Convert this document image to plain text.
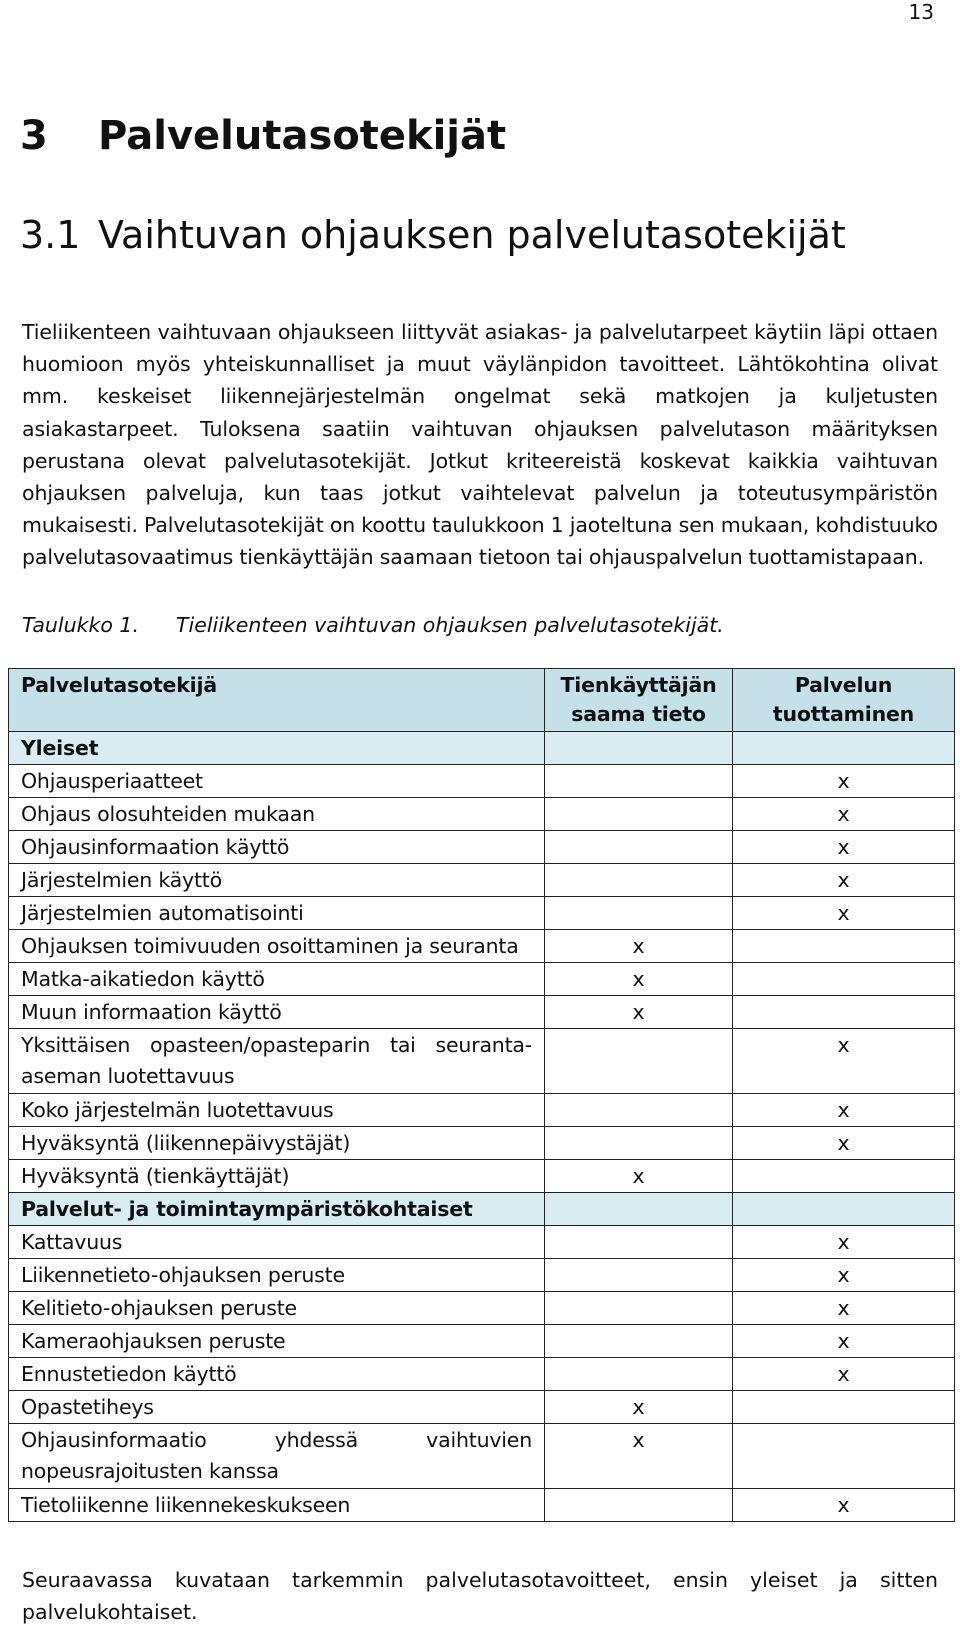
13
3 Palvelutasotekijät
3.1 Vaihtuvan ohjauksen palvelutasotekijät

Tieliikenteen vaihtuvaan ohjaukseen liittyvät asiakas- ja palvelutarpeet käytiin läpi ottaen huomioon myös yhteiskunnalliset ja muut väylänpidon tavoitteet. Lähtökohtina olivat mm. keskeiset liikennejärjestelmän ongelmat sekä matkojen ja kuljetusten asiakastarpeet. Tuloksena saatiin vaihtuvan ohjauksen palvelutason määrityksen perustana olevat palvelutasotekijät. Jotkut kriteereistä koskevat kaikkia vaihtuvan ohjauksen palveluja, kun taas jotkut vaihtelevat palvelun ja toteutusympäristön mukaisesti. Palvelutasotekijät on koottu taulukkoon 1 jaoteltuna sen mukaan, kohdistuuko palvelutasovaatimus tienkäyttäjän saamaan tietoon tai ohjauspalvelun tuottamistapaan.

Taulukko 1. Tieliikenteen vaihtuvan ohjauksen palvelutasotekijät.
Palvelutasotekijä	Tienkäyttäjän saama tieto	Palvelun tuottaminen
Yleiset		
Ohjausperiaatteet		x
Ohjaus olosuhteiden mukaan		x
Ohjausinformaation käyttö		x
Järjestelmien käyttö		x
Järjestelmien automatisointi		x
Ohjauksen toimivuuden osoittaminen ja seuranta	x	
Matka-aikatiedon käyttö	x	
Muun informaation käyttö	x	
Yksittäisen opasteen/opasteparin tai seuranta-aseman luotettavuus		x
Koko järjestelmän luotettavuus		x
Hyväksyntä (liikennepäivystäjät)		x
Hyväksyntä (tienkäyttäjät)	x	
Palvelut- ja toimintaympäristökohtaiset		
Kattavuus		x
Liikennetieto-ohjauksen peruste		x
Kelitieto-ohjauksen peruste		x
Kameraohjauksen peruste		x
Ennustetiedon käyttö		x
Opastetiheys	x	
Ohjausinformaatio yhdessä vaihtuvien nopeusrajoitusten kanssa	x	
Tietoliikenne liikennekeskukseen		x

Seuraavassa kuvataan tarkemmin palvelutasotavoitteet, ensin yleiset ja sitten palvelukohtaiset.
